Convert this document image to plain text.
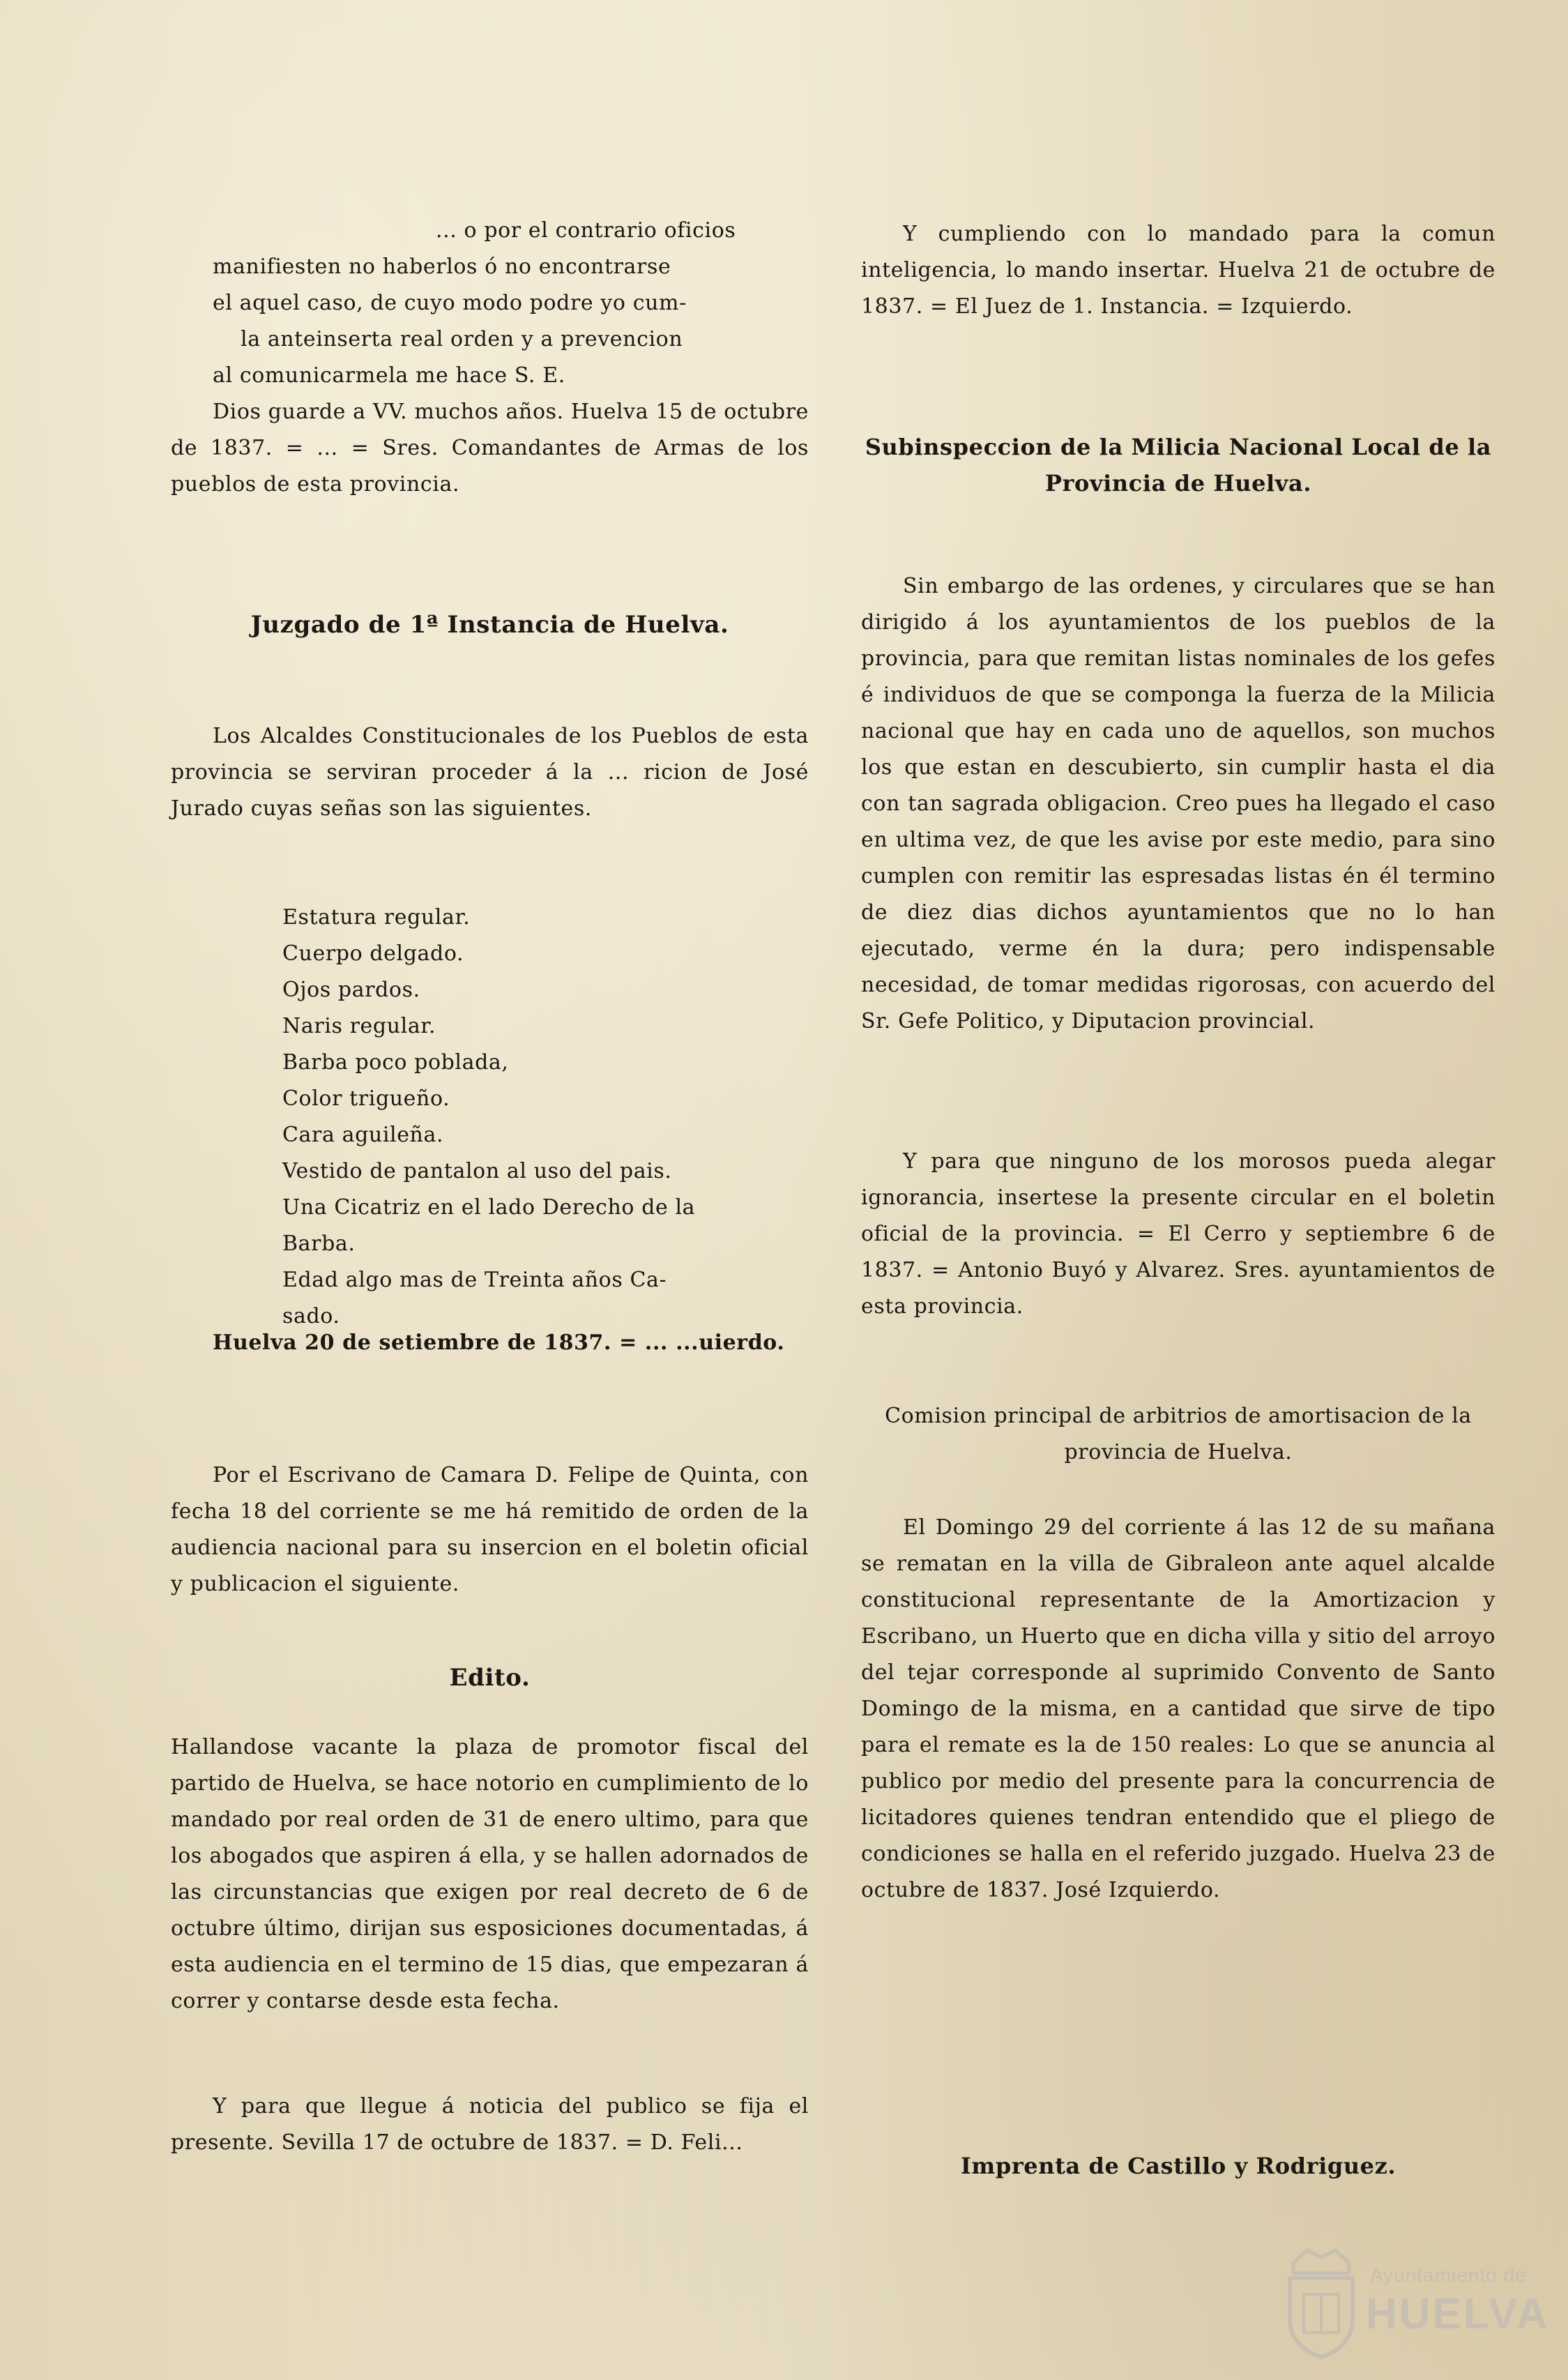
... o por el contrario oficios
manifiesten no haberlos ó no encontrarse
el aquel caso, de cuyo modo podre yo cum-
la anteinserta real orden y a prevencion
al comunicarmela me hace S. E.

Dios guarde a VV. muchos años. Huelva 15 de octubre de 1837. = ... = Sres. Comandantes de Armas de los pueblos de esta provincia.

Juzgado de 1ª Instancia de Huelva.

Los Alcaldes Constitucionales de los Pueblos de esta provincia se serviran proceder á la ... ricion de José Jurado cuyas señas son las siguientes.

Estatura regular.
Cuerpo delgado.
Ojos pardos.
Naris regular.
Barba poco poblada,
Color trigueño.
Cara aguileña.
Vestido de pantalon al uso del pais.
Una Cicatriz en el lado Derecho de la
Barba.
Edad algo mas de Treinta años Ca-
sado.

Huelva 20 de setiembre de 1837. = ... ...uierdo.

Por el Escrivano de Camara D. Felipe de Quinta, con fecha 18 del corriente se me há remitido de orden de la audiencia nacional para su insercion en el boletin oficial y publicacion el siguiente.

Edito.

Hallandose vacante la plaza de promotor fiscal del partido de Huelva, se hace notorio en cumplimiento de lo mandado por real orden de 31 de enero ultimo, para que los abogados que aspiren á ella, y se hallen adornados de las circunstancias que exigen por real decreto de 6 de octubre último, dirijan sus esposiciones documentadas, á esta audiencia en el termino de 15 dias, que empezaran á correr y contarse desde esta fecha.

Y para que llegue á noticia del publico se fija el presente. Sevilla 17 de octubre de 1837. = D. Feli...

Y cumpliendo con lo mandado para la comun inteligencia, lo mando insertar. Huelva 21 de octubre de 1837. = El Juez de 1. Instancia. = Izquierdo.

Subinspeccion de la Milicia Nacional Local de la Provincia de Huelva.

Sin embargo de las ordenes, y circulares que se han dirigido á los ayuntamientos de los pueblos de la provincia, para que remitan listas nominales de los gefes é individuos de que se componga la fuerza de la Milicia nacional que hay en cada uno de aquellos, son muchos los que estan en descubierto, sin cumplir hasta el dia con tan sagrada obligacion. Creo pues ha llegado el caso en ultima vez, de que les avise por este medio, para sino cumplen con remitir las espresadas listas én él termino de diez dias dichos ayuntamientos que no lo han ejecutado, verme én la dura; pero indispensable necesidad, de tomar medidas rigorosas, con acuerdo del Sr. Gefe Politico, y Diputacion provincial.

Y para que ninguno de los morosos pueda alegar ignorancia, insertese la presente circular en el boletin oficial de la provincia. = El Cerro y septiembre 6 de 1837. = Antonio Buyó y Alvarez. Sres. ayuntamientos de esta provincia.

Comision principal de arbitrios de amortisacion de la provincia de Huelva.

El Domingo 29 del corriente á las 12 de su mañana se rematan en la villa de Gibraleon ante aquel alcalde constitucional representante de la Amortizacion y Escribano, un Huerto que en dicha villa y sitio del arroyo del tejar corresponde al suprimido Convento de Santo Domingo de la misma, en a cantidad que sirve de tipo para el remate es la de 150 reales: Lo que se anuncia al publico por medio del presente para la concurrencia de licitadores quienes tendran entendido que el pliego de condiciones se halla en el referido juzgado. Huelva 23 de octubre de 1837. José Izquierdo.

Imprenta de Castillo y Rodriguez.
Ayuntamiento de
HUELVA
